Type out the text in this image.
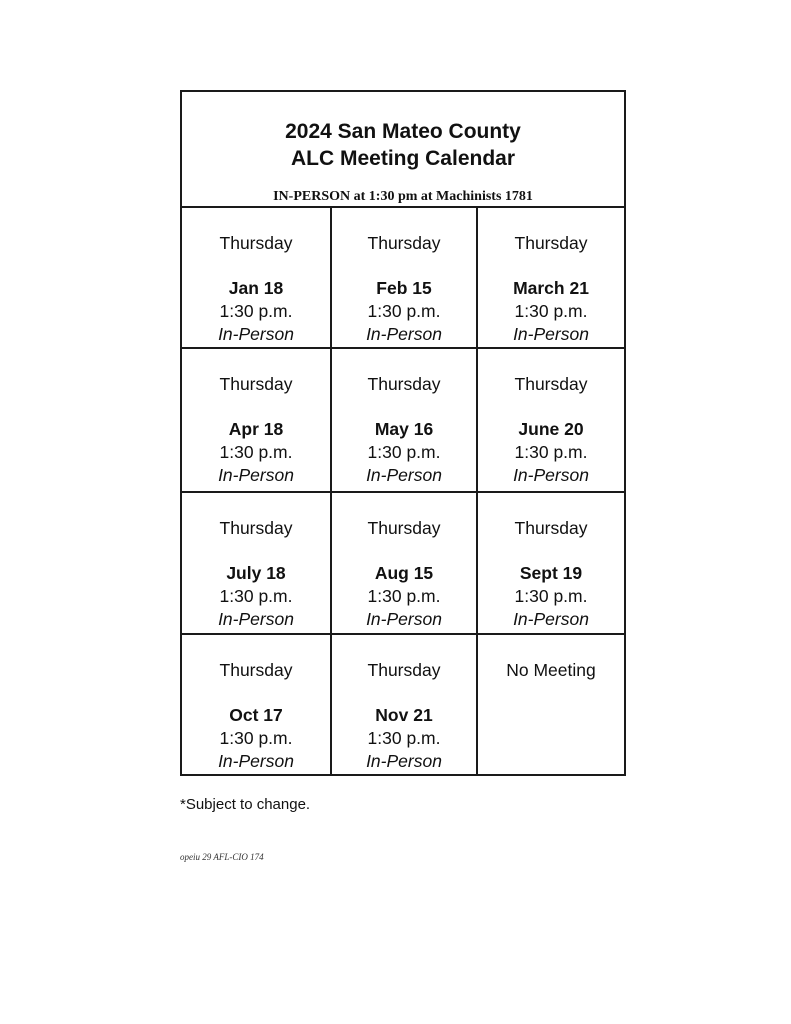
2024 San Mateo County
ALC Meeting Calendar
IN-PERSON at 1:30 pm at Machinists 1781
Thursday
Jan 18
1:30 p.m.
In-Person
Thursday
Feb 15
1:30 p.m.
In-Person
Thursday
March 21
1:30 p.m.
In-Person
Thursday
Apr 18
1:30 p.m.
In-Person
Thursday
May 16
1:30 p.m.
In-Person
Thursday
June 20
1:30 p.m.
In-Person
Thursday
July 18
1:30 p.m.
In-Person
Thursday
Aug 15
1:30 p.m.
In-Person
Thursday
Sept 19
1:30 p.m.
In-Person
Thursday
Oct 17
1:30 p.m.
In-Person
Thursday
Nov 21
1:30 p.m.
In-Person
No Meeting
*Subject to change.
opeiu 29 AFL-CIO 174
